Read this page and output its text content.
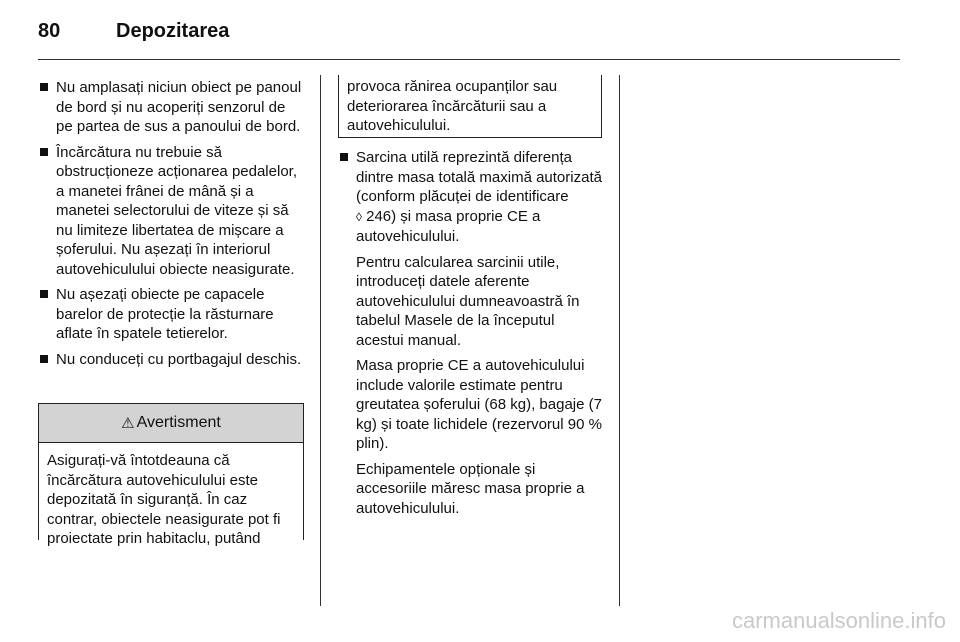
80	Depozitarea
Nu amplasați niciun obiect pe panoul de bord și nu acoperiți senzorul de pe partea de sus a panoului de bord.
Încărcătura nu trebuie să obstrucționeze acționarea pedalelor, a manetei frânei de mână și a manetei selectorului de viteze și să nu limiteze libertatea de mișcare a șoferului. Nu așezați în interiorul autovehiculului obiecte neasigurate.
Nu așezați obiecte pe capacele barelor de protecție la răsturnare aflate în spatele tetierelor.
Nu conduceți cu portbagajul deschis.
⚠ Avertisment
Asigurați-vă întotdeauna că încărcătura autovehiculului este depozitată în siguranță. În caz contrar, obiectele neasigurate pot fi proiectate prin habitaclu, putând
provoca rănirea ocupanților sau deteriorarea încărcăturii sau a autovehiculului.
Sarcina utilă reprezintă diferența dintre masa totală maximă autorizată (conform plăcuței de identificare ◊ 246) și masa proprie CE a autovehiculului.

Pentru calcularea sarcinii utile, introduceți datele aferente autovehiculului dumneavoastră în tabelul Masele de la începutul acestui manual.

Masa proprie CE a autovehiculului include valorile estimate pentru greutatea șoferului (68 kg), bagaje (7 kg) și toate lichidele (rezervorul 90 % plin).

Echipamentele opționale și accesoriile măresc masa proprie a autovehiculului.

carmanualsonline.info
